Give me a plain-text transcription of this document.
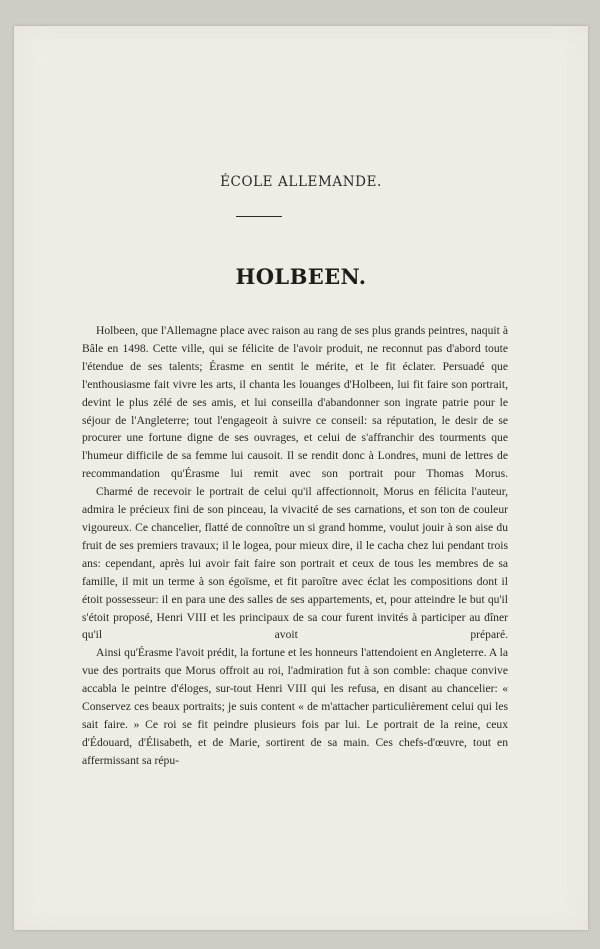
ÉCOLE ALLEMANDE.
HOLBEEN.

Holbeen, que l'Allemagne place avec raison au rang de ses plus grands peintres, naquit à Bâle en 1498. Cette ville, qui se félicite de l'avoir produit, ne reconnut pas d'abord toute l'étendue de ses talents; Érasme en sentit le mérite, et le fit éclater. Persuadé que l'enthousiasme fait vivre les arts, il chanta les louanges d'Holbeen, lui fit faire son portrait, devint le plus zélé de ses amis, et lui conseilla d'abandonner son ingrate patrie pour le séjour de l'Angleterre; tout l'engageoit à suivre ce conseil: sa réputation, le desir de se procurer une fortune digne de ses ouvrages, et celui de s'affranchir des tourments que l'humeur difficile de sa femme lui causoit. Il se rendit donc à Londres, muni de lettres de recommandation qu'Érasme lui remit avec son portrait pour Thomas Morus.

Charmé de recevoir le portrait de celui qu'il affectionnoit, Morus en félicita l'auteur, admira le précieux fini de son pinceau, la vivacité de ses carnations, et son ton de couleur vigoureux. Ce chancelier, flatté de connoître un si grand homme, voulut jouir à son aise du fruit de ses premiers travaux; il le logea, pour mieux dire, il le cacha chez lui pendant trois ans: cependant, après lui avoir fait faire son portrait et ceux de tous les membres de sa famille, il mit un terme à son égoïsme, et fit paroître avec éclat les compositions dont il étoit possesseur: il en para une des salles de ses appartements, et, pour atteindre le but qu'il s'étoit proposé, Henri VIII et les principaux de sa cour furent invités à participer au dîner qu'il avoit préparé.

Ainsi qu'Érasme l'avoit prédit, la fortune et les honneurs l'attendoient en Angleterre. A la vue des portraits que Morus offroit au roi, l'admiration fut à son comble: chaque convive accabla le peintre d'éloges, sur-tout Henri VIII qui les refusa, en disant au chancelier: « Conservez ces beaux portraits; je suis content « de m'attacher particulièrement celui qui les sait faire. » Ce roi se fit peindre plusieurs fois par lui. Le portrait de la reine, ceux d'Édouard, d'Élisabeth, et de Marie, sortirent de sa main. Ces chefs-d'œuvre, tout en affermissant sa répu-
